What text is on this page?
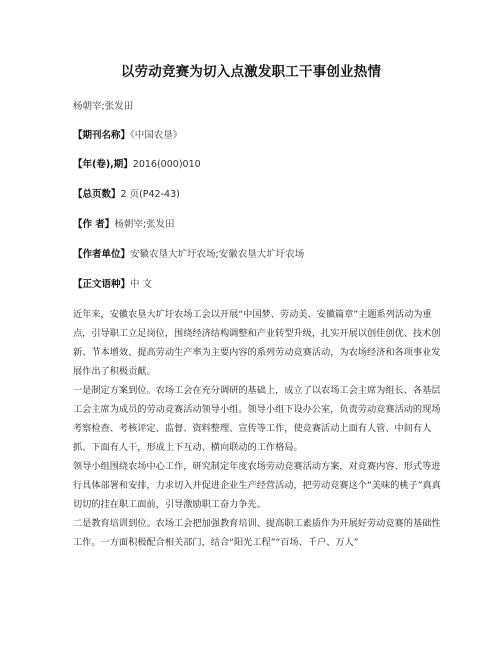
以劳动竞赛为切入点激发职工干事创业热情
杨朝宰;张发田
【期刊名称】《中国农垦》
【年(卷),期】2016(000)010
【总页数】2 页(P42-43)
【作 者】杨朝宰;张发田
【作者单位】安徽农垦大圹圩农场;安徽农垦大圹圩农场

近年来，安徽农垦大圹圩农场工会以开展“中国梦、劳动美、安徽篇章”主题系列活动为重点，引导职工立足岗位，围绕经济结构调整和产业转型升级，扎实开展以创佳创优、技术创新、节本增效、提高劳动生产率为主要内容的系列劳动竞赛活动，为农场经济和各项事业发展作出了积极贡献。

一是制定方案到位。农场工会在充分调研的基础上，成立了以农场工会主席为组长、各基层工会主席为成员的劳动竞赛活动领导小组。领导小组下设办公室，负责劳动竞赛活动的现场考察检查、考核评定、监督、资料整理、宣传等工作，使竞赛活动上面有人管、中间有人抓、下面有人干，形成上下互动、横向联动的工作格局。

领导小组围绕农场中心工作，研究制定年度农场劳动竞赛活动方案，对竞赛内容、形式等进行具体部署和安排，力求切入并促进企业生产经营活动，把劳动竞赛这个“美味的桃子”真真切切的挂在职工面前，引导激励职工奋力争先。

二是教育培训到位。农场工会把加强教育培训、提高职工素质作为开展好劳动竞赛的基础性工作。一方面积极配合相关部门，结合“阳光工程”“百场、千户、万人”

【正文语种】中 文
